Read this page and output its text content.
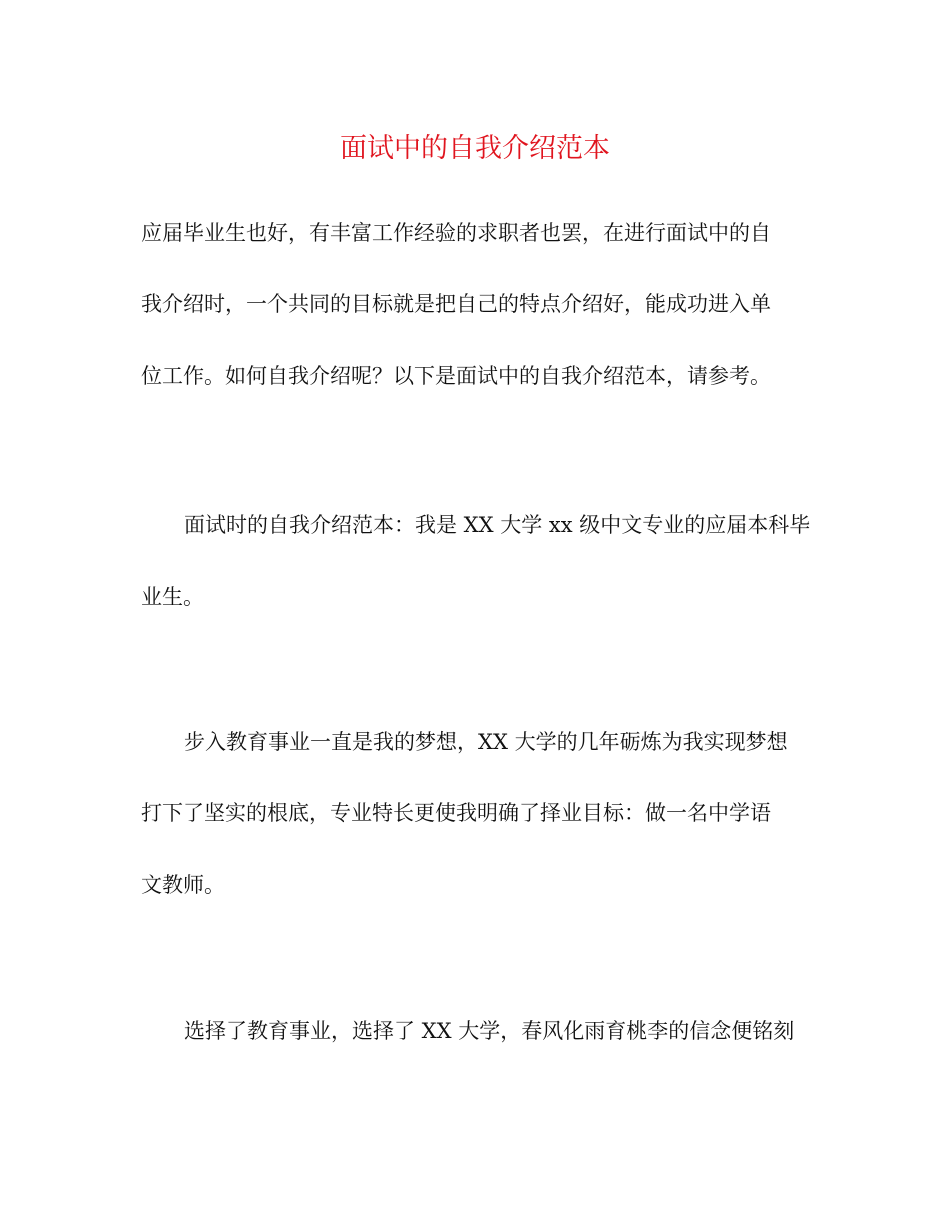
面试中的自我介绍范本
应届毕业生也好，有丰富工作经验的求职者也罢，在进行面试中的自
我介绍时，一个共同的目标就是把自己的特点介绍好，能成功进入单
位工作。如何自我介绍呢？以下是面试中的自我介绍范本，请参考。
面试时的自我介绍范本：我是 XX 大学 xx 级中文专业的应届本科毕
业生。
步入教育事业一直是我的梦想，XX 大学的几年砺炼为我实现梦想
打下了坚实的根底，专业特长更使我明确了择业目标：做一名中学语
文教师。
选择了教育事业，选择了 XX 大学，春风化雨育桃李的信念便铭刻
